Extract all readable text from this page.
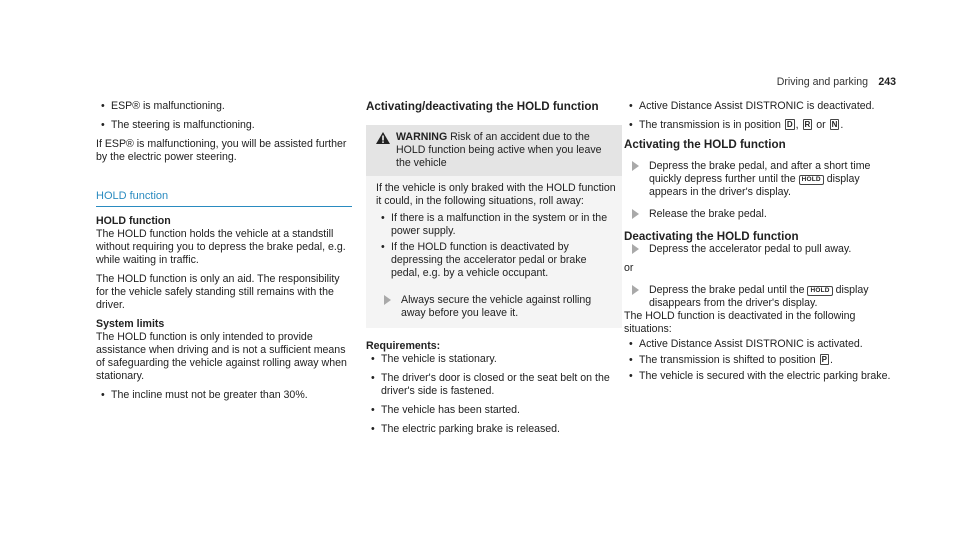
Driving and parking 243

• ESP® is malfunctioning.

• The steering is malfunctioning.

If ESP® is malfunctioning, you will be assisted further by the electric power steering.

HOLD function

HOLD function

The HOLD function holds the vehicle at a standstill without requiring you to depress the brake pedal, e.g. while waiting in traffic.

The HOLD function is only an aid. The responsibility for the vehicle safely standing still remains with the driver.

System limits

The HOLD function is only intended to provide assistance when driving and is not a sufficient means of safeguarding the vehicle against rolling away when stationary.

• The incline must not be greater than 30%.

Activating/deactivating the HOLD function

WARNING Risk of an accident due to the HOLD function being active when you leave the vehicle

If the vehicle is only braked with the HOLD function it could, in the following situations, roll away:

• If there is a malfunction in the system or in the power supply.

• If the HOLD function is deactivated by depressing the accelerator pedal or brake pedal, e.g. by a vehicle occupant.

Always secure the vehicle against rolling away before you leave it.

Requirements:

• The vehicle is stationary.

• The driver's door is closed or the seat belt on the driver's side is fastened.

• The vehicle has been started.

• The electric parking brake is released.

• Active Distance Assist DISTRONIC is deactivated.

• The transmission is in position D , R or N .

Activating the HOLD function

Depress the brake pedal, and after a short time quickly depress further until the HOLD display appears in the driver's display.
Release the brake pedal.

Deactivating the HOLD function

Depress the accelerator pedal to pull away.

or

Depress the brake pedal until the HOLD display disappears from the driver's display.

The HOLD function is deactivated in the following situations:

• Active Distance Assist DISTRONIC is activated.

• The transmission is shifted to position P .

• The vehicle is secured with the electric parking brake.
